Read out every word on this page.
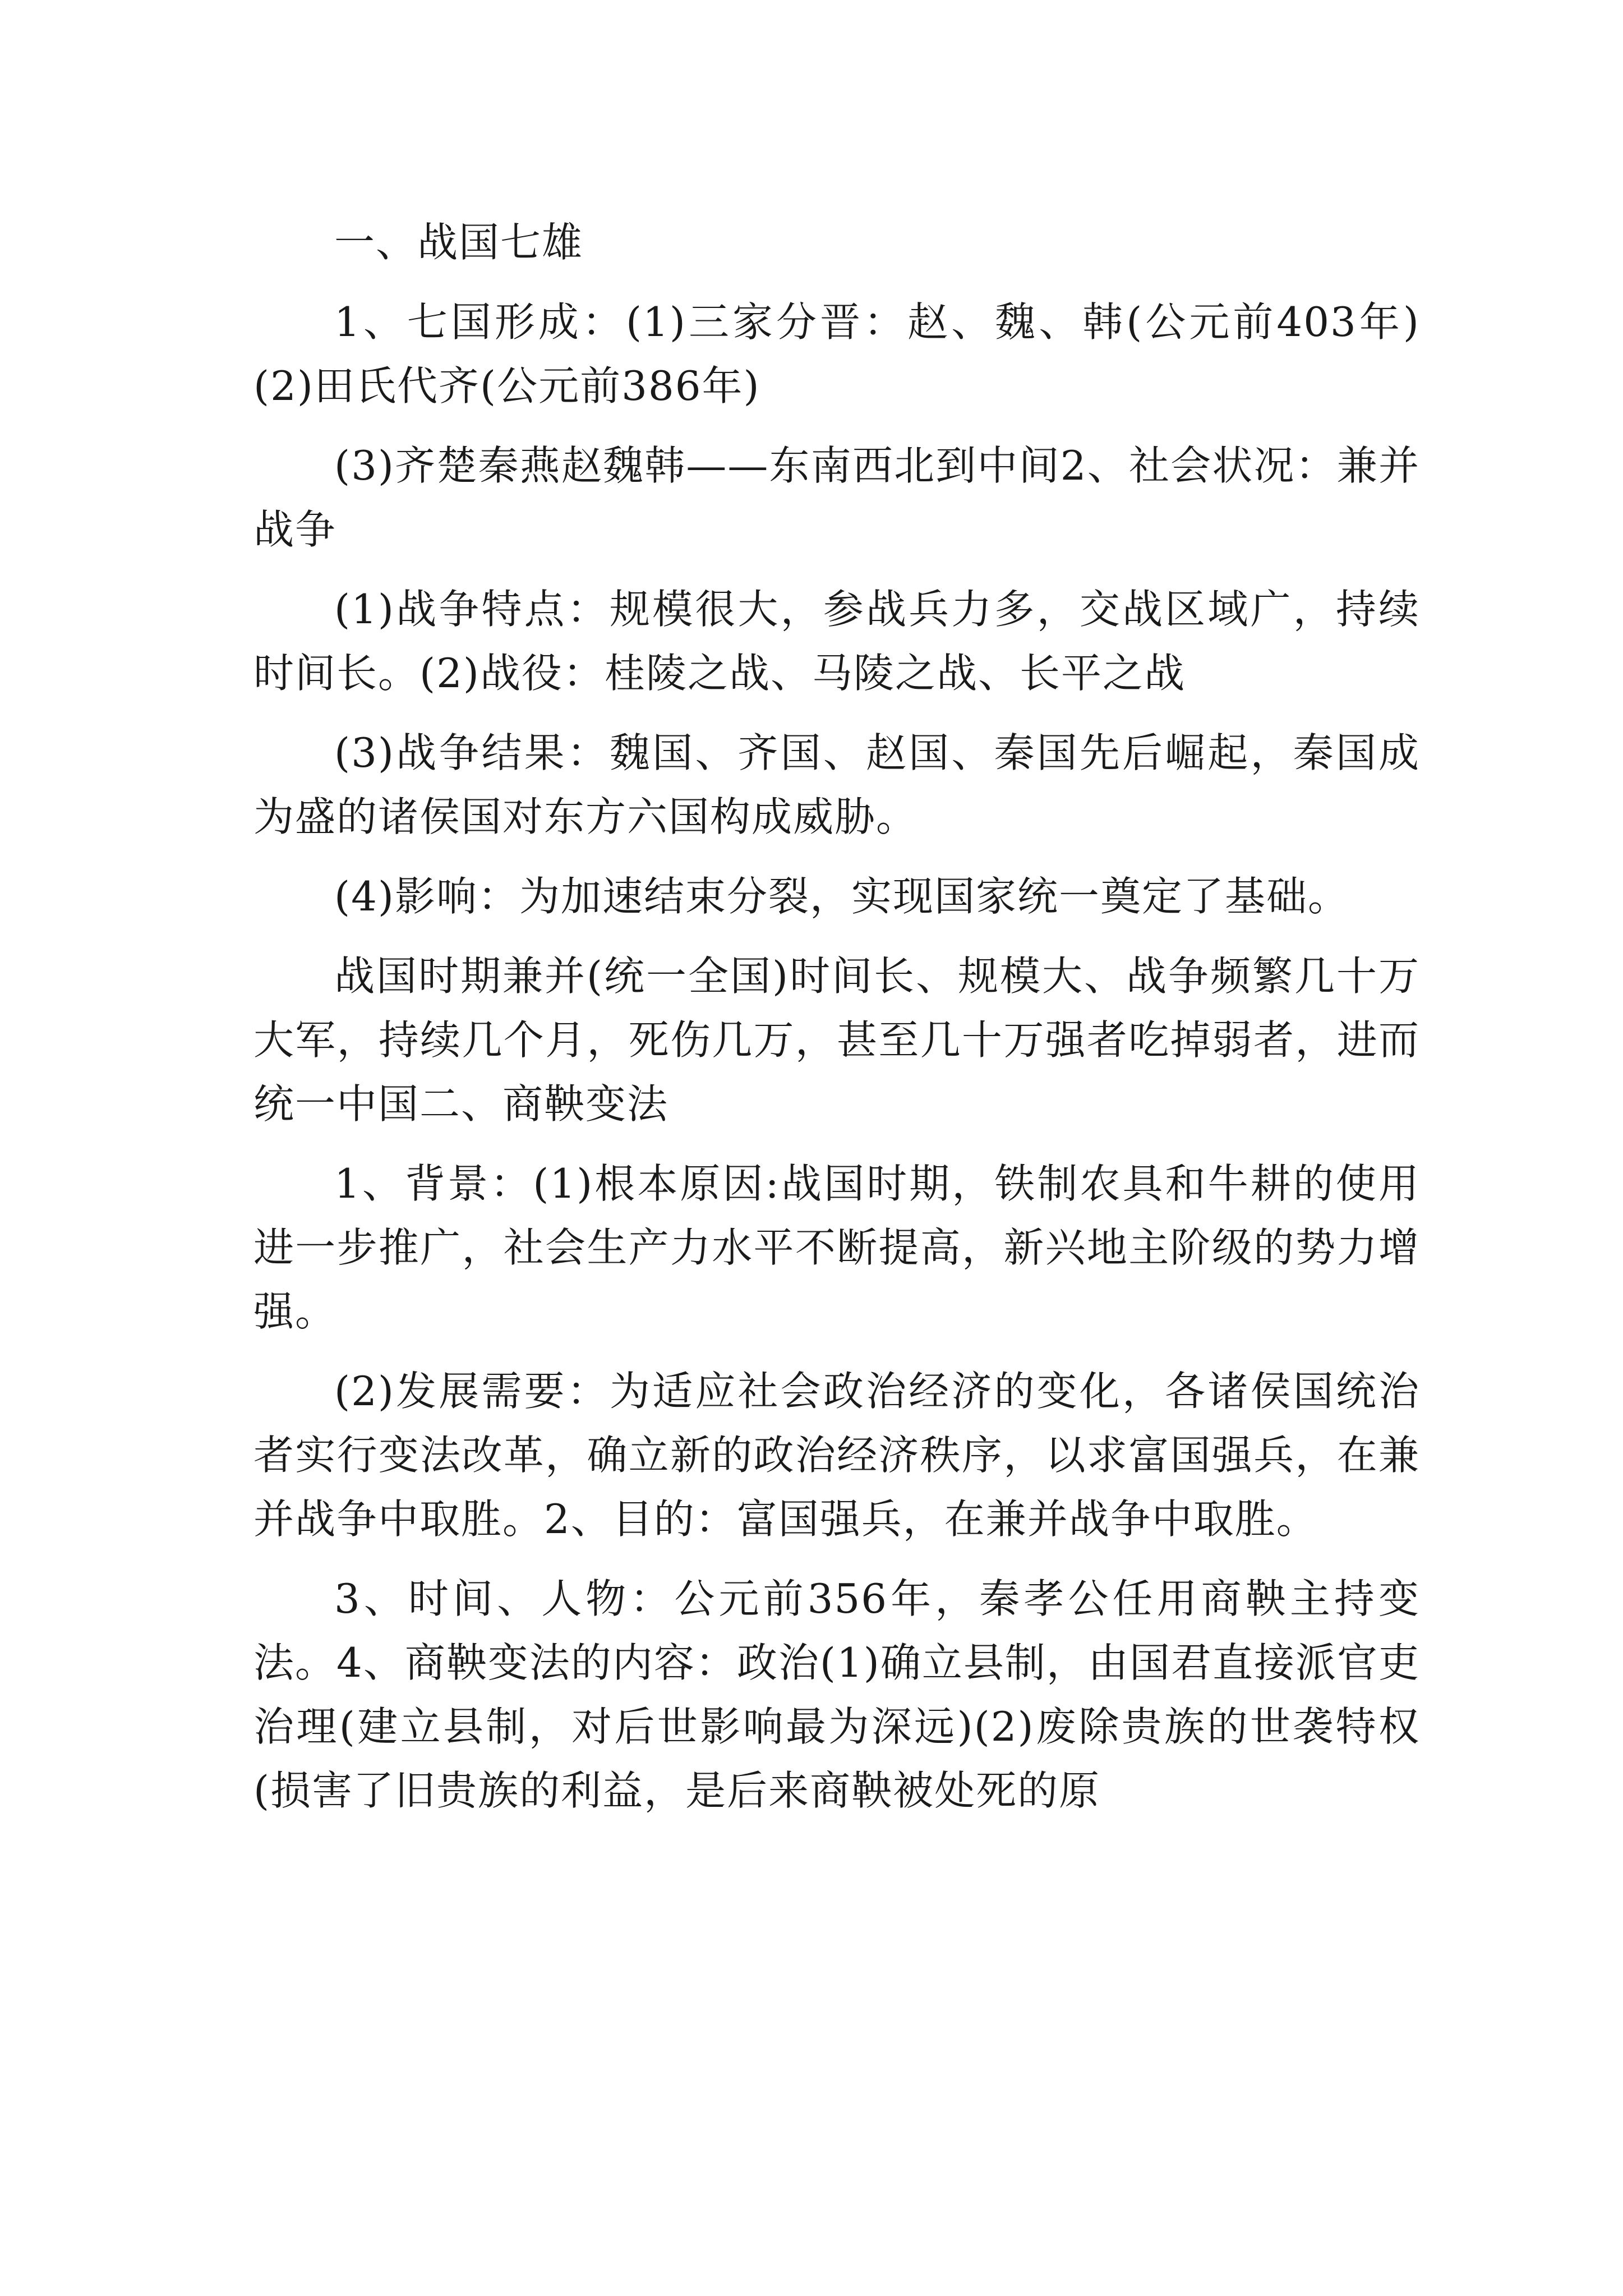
一、战国七雄

1、七国形成：(1)三家分晋：赵、魏、韩(公元前403年)(2)田氏代齐(公元前386年)

(3)齐楚秦燕赵魏韩——东南西北到中间2、社会状况：兼并战争

(1)战争特点：规模很大，参战兵力多，交战区域广，持续时间长。(2)战役：桂陵之战、马陵之战、长平之战

(3)战争结果：魏国、齐国、赵国、秦国先后崛起，秦国成为盛的诸侯国对东方六国构成威胁。

(4)影响：为加速结束分裂，实现国家统一奠定了基础。

战国时期兼并(统一全国)时间长、规模大、战争频繁几十万大军，持续几个月，死伤几万，甚至几十万强者吃掉弱者，进而统一中国二、商鞅变法

1、背景：(1)根本原因:战国时期，铁制农具和牛耕的使用进一步推广，社会生产力水平不断提高，新兴地主阶级的势力增强。

(2)发展需要：为适应社会政治经济的变化，各诸侯国统治者实行变法改革，确立新的政治经济秩序，以求富国强兵，在兼并战争中取胜。2、目的：富国强兵，在兼并战争中取胜。

3、时间、人物：公元前356年，秦孝公任用商鞅主持变法。4、商鞅变法的内容：政治(1)确立县制，由国君直接派官吏治理(建立县制，对后世影响最为深远)(2)废除贵族的世袭特权(损害了旧贵族的利益，是后来商鞅被处死的原
